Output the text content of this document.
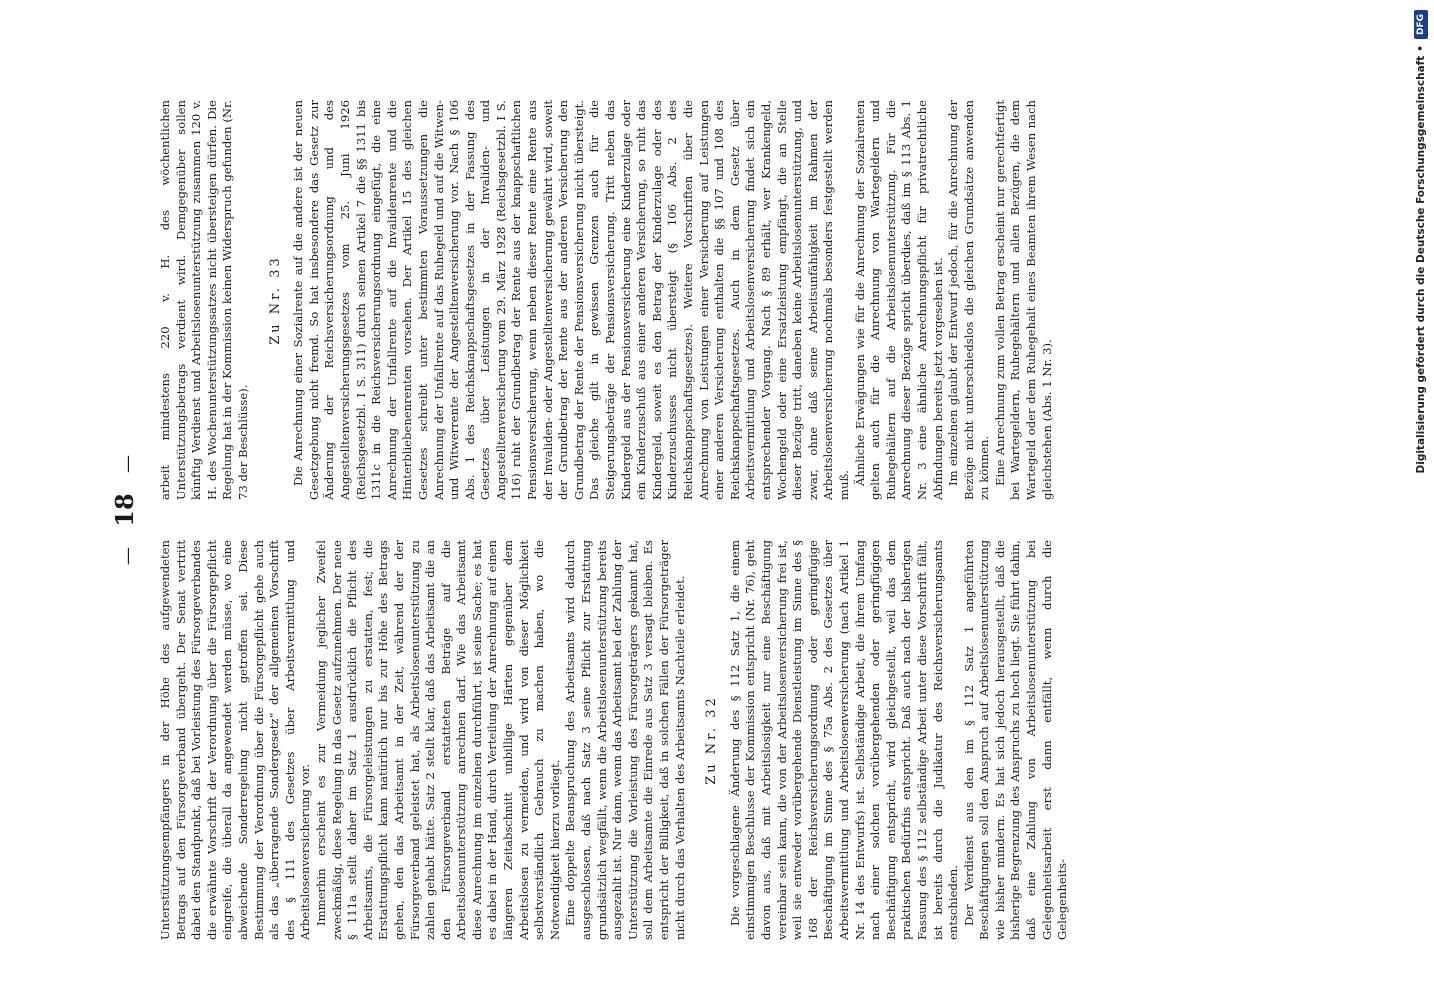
— 18 —

Unterstützungsempfängers in der Höhe des aufgewendeten Betrags auf den Fürsorgeverband übergeht. Der Senat vertritt dabei den Standpunkt, daß bei Vorleistung des Fürsorgeverbandes die erwähnte Vorschrift der Verordnung über die Fürsorgepflicht eingreife, die überall da angewendet werden müsse, wo eine abweichende Sonderregelung nicht getroffen sei. Diese Bestimmung der Verordnung über die Fürsorgepflicht gehe auch als das „überragende Sondergesetz“ der allgemeinen Vorschrift des § 111 des Gesetzes über Arbeitsvermittlung und Arbeitslosenversicherung vor. Immerhin erscheint es zur Vermeidung jeglicher Zweifel zweckmäßig, diese Regelung in das Gesetz aufzunehmen. Der neue § 111a stellt daher im Satz 1 ausdrücklich die Pflicht des Arbeitsamts, die Fürsorgeleistungen zu erstatten, fest; die Erstattungspflicht kann natürlich nur bis zur Höhe des Betrags gehen, den das Arbeitsamt in der Zeit, während der der Fürsorgeverband geleistet hat, als Arbeitslosenunterstützung zu zahlen gehabt hätte. Satz 2 stellt klar, daß das Arbeitsamt die an den Fürsorgeverband erstatteten Beträge auf die Arbeitslosenunterstützung anrechnen darf. Wie das Arbeitsamt diese Anrechnung im einzelnen durchführt, ist seine Sache; es hat es dabei in der Hand, durch Verteilung der Anrechnung auf einen längeren Zeitabschnitt unbillige Härten gegenüber dem Arbeitslosen zu vermeiden, und wird von dieser Möglichkeit selbstverständlich Gebrauch zu machen haben, wo die Notwendigkeit hierzu vorliegt. Eine doppelte Beanspruchung des Arbeitsamts wird dadurch ausgeschlossen, daß nach Satz 3 seine Pflicht zur Erstattung grundsätzlich wegfällt, wenn die Arbeitslosenunterstützung bereits ausgezahlt ist. Nur dann, wenn das Arbeitsamt bei der Zahlung der Unterstützung die Vorleistung des Fürsorgeträgers gekannt hat, soll dem Arbeitsamte die Einrede aus Satz 3 versagt bleiben. Es entspricht der Billigkeit, daß in solchen Fällen der Fürsorgeträger nicht durch das Verhalten des Arbeitsamts Nachteile erleidet. Zu Nr. 32 Die vorgeschlagene Änderung des § 112 Satz 1, die einem einstimmigen Beschlusse der Kommission entspricht (Nr. 76), geht davon aus, daß mit Arbeitslosigkeit nur eine Beschäftigung vereinbar sein kann, die von der Arbeitslosenversicherung frei ist, weil sie entweder vorübergehende Dienstleistung im Sinne des § 168 der Reichsversicherungsordnung oder geringfügige Beschäftigung im Sinne des § 75a Abs. 2 des Gesetzes über Arbeitsvermittlung und Arbeitslosenversicherung (nach Artikel 1 Nr. 14 des Entwurfs) ist. Selbständige Arbeit, die ihrem Umfang nach einer solchen vorübergehenden oder geringfügigen Beschäftigung entspricht, wird gleichgestellt, weil das dem praktischen Bedürfnis entspricht. Daß auch nach der bisherigen Fassung des § 112 selbständige Arbeit unter diese Vorschrift fällt, ist bereits durch die Judikatur des Reichsversicherungsamts entschieden. Der Verdienst aus den im § 112 Satz 1 angeführten Beschäftigungen soll den Anspruch auf Arbeitslosenunterstützung wie bisher mindern. Es hat sich jedoch herausgestellt, daß die bisherige Begrenzung des Anspruchs zu hoch liegt. Sie führt dahin, daß eine Zahlung von Arbeitslosenunterstützung bei Gelegenheitsarbeit erst dann entfällt, wenn durch die Gelegenheits-

arbeit mindestens 220 v. H. des wöchentlichen Unterstützungsbetrags verdient wird. Demgegenüber sollen künftig Verdienst und Arbeitslosenunterstützung zusammen 120 v. H. des Wochenunterstützungssatzes nicht übersteigen dürfen. Die Regelung hat in der Kommission keinen Widerspruch gefunden (Nr. 73 der Beschlüsse).

Zu Nr. 33 Die Anrechnung einer Sozialrente auf die andere ist der neuen Gesetzgebung nicht fremd. So hat insbesondere das Gesetz zur Änderung der Reichsversicherungsordnung und des Angestelltenversicherungsgesetzes vom 25. Juni 1926 (Reichsgesetzbl. I S. 311) durch seinen Artikel 7 die §§ 1311 bis 1311c in die Reichsversicherungsordnung eingefügt, die eine Anrechnung der Unfallrente auf die Invalidenrente und die Hinterbliebenenrenten vorsehen. Der Artikel 15 des gleichen Gesetzes schreibt unter bestimmten Voraussetzungen die Anrechnung der Unfallrente auf das Ruhegeld und auf die Witwen- und Witwerrente der Angestelltenversicherung vor. Nach § 106 Abs. 1 des Reichsknappschaftsgesetzes in der Fassung des Gesetzes über Leistungen in der Invaliden- und Angestelltenversicherung vom 29. März 1928 (Reichsgesetzbl. I S. 116) ruht der Grundbetrag der Rente aus der knappschaftlichen Pensionsversicherung, wenn neben dieser Rente eine Rente aus der Invaliden- oder Angestelltenversicherung gewährt wird, soweit der Grundbetrag der Rente aus der anderen Versicherung den Grundbetrag der Rente der Pensionsversicherung nicht übersteigt. Das gleiche gilt in gewissen Grenzen auch für die Steigerungsbeträge der Pensionsversicherung. Tritt neben das Kindergeld aus der Pensionsversicherung eine Kinderzulage oder ein Kinderzuschuß aus einer anderen Versicherung, so ruht das Kindergeld, soweit es den Betrag der Kinderzulage oder des Kinderzuschusses nicht übersteigt (§ 106 Abs. 2 des Reichsknappschaftsgesetzes). Weitere Vorschriften über die Anrechnung von Leistungen einer Versicherung auf Leistungen einer anderen Versicherung enthalten die §§ 107 und 108 des Reichsknappschaftsgesetzes. Auch in dem Gesetz über Arbeitsvermittlung und Arbeitslosenversicherung findet sich ein entsprechender Vorgang. Nach § 89 erhält, wer Krankengeld, Wochengeld oder eine Ersatzleistung empfängt, die an Stelle dieser Bezüge tritt, daneben keine Arbeitslosenunterstützung, und zwar, ohne daß seine Arbeitsunfähigkeit im Rahmen der Arbeitslosenversicherung nochmals besonders festgestellt werden muß. Ähnliche Erwägungen wie für die Anrechnung der Sozialrenten gelten auch für die Anrechnung von Wartegeldern und Ruhegehältern auf die Arbeitslosenunterstützung. Für die Anrechnung dieser Bezüge spricht überdies, daß im § 113 Abs. 1 Nr. 3 eine ähnliche Anrechnungspflicht für privatrechtliche Abfindungen bereits jetzt vorgesehen ist. Im einzelnen glaubt der Entwurf jedoch, für die Anrechnung der Bezüge nicht unterschiedslos die gleichen Grundsätze anwenden zu können. Eine Anrechnung zum vollen Betrag erscheint nur gerechtfertigt bei Wartegeldern, Ruhegehältern und allen Bezügen, die dem Wartegeld oder dem Ruhegehalt eines Beamten ihrem Wesen nach gleichstehen (Abs. 1 Nr. 3).	Digitalisierung gefördert durch die Deutsche Forschungsgemeinschaft
•
DFG
